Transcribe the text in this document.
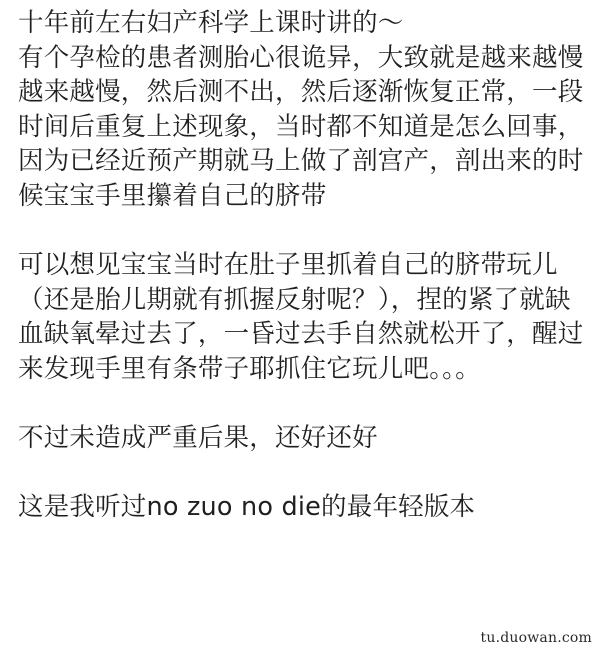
十年前左右妇产科学上课时讲的～

有个孕检的患者测胎心很诡异，大致就是越来越慢越来越慢，然后测不出，然后逐渐恢复正常，一段时间后重复上述现象，当时都不知道是怎么回事，因为已经近预产期就马上做了剖宫产，剖出来的时候宝宝手里攥着自己的脐带

可以想见宝宝当时在肚子里抓着自己的脐带玩儿（还是胎儿期就有抓握反射呢？），捏的紧了就缺血缺氧晕过去了，一昏过去手自然就松开了，醒过来发现手里有条带子耶抓住它玩儿吧。。。

不过未造成严重后果，还好还好

这是我听过no zuo no die的最年轻版本

tu.duowan.com
